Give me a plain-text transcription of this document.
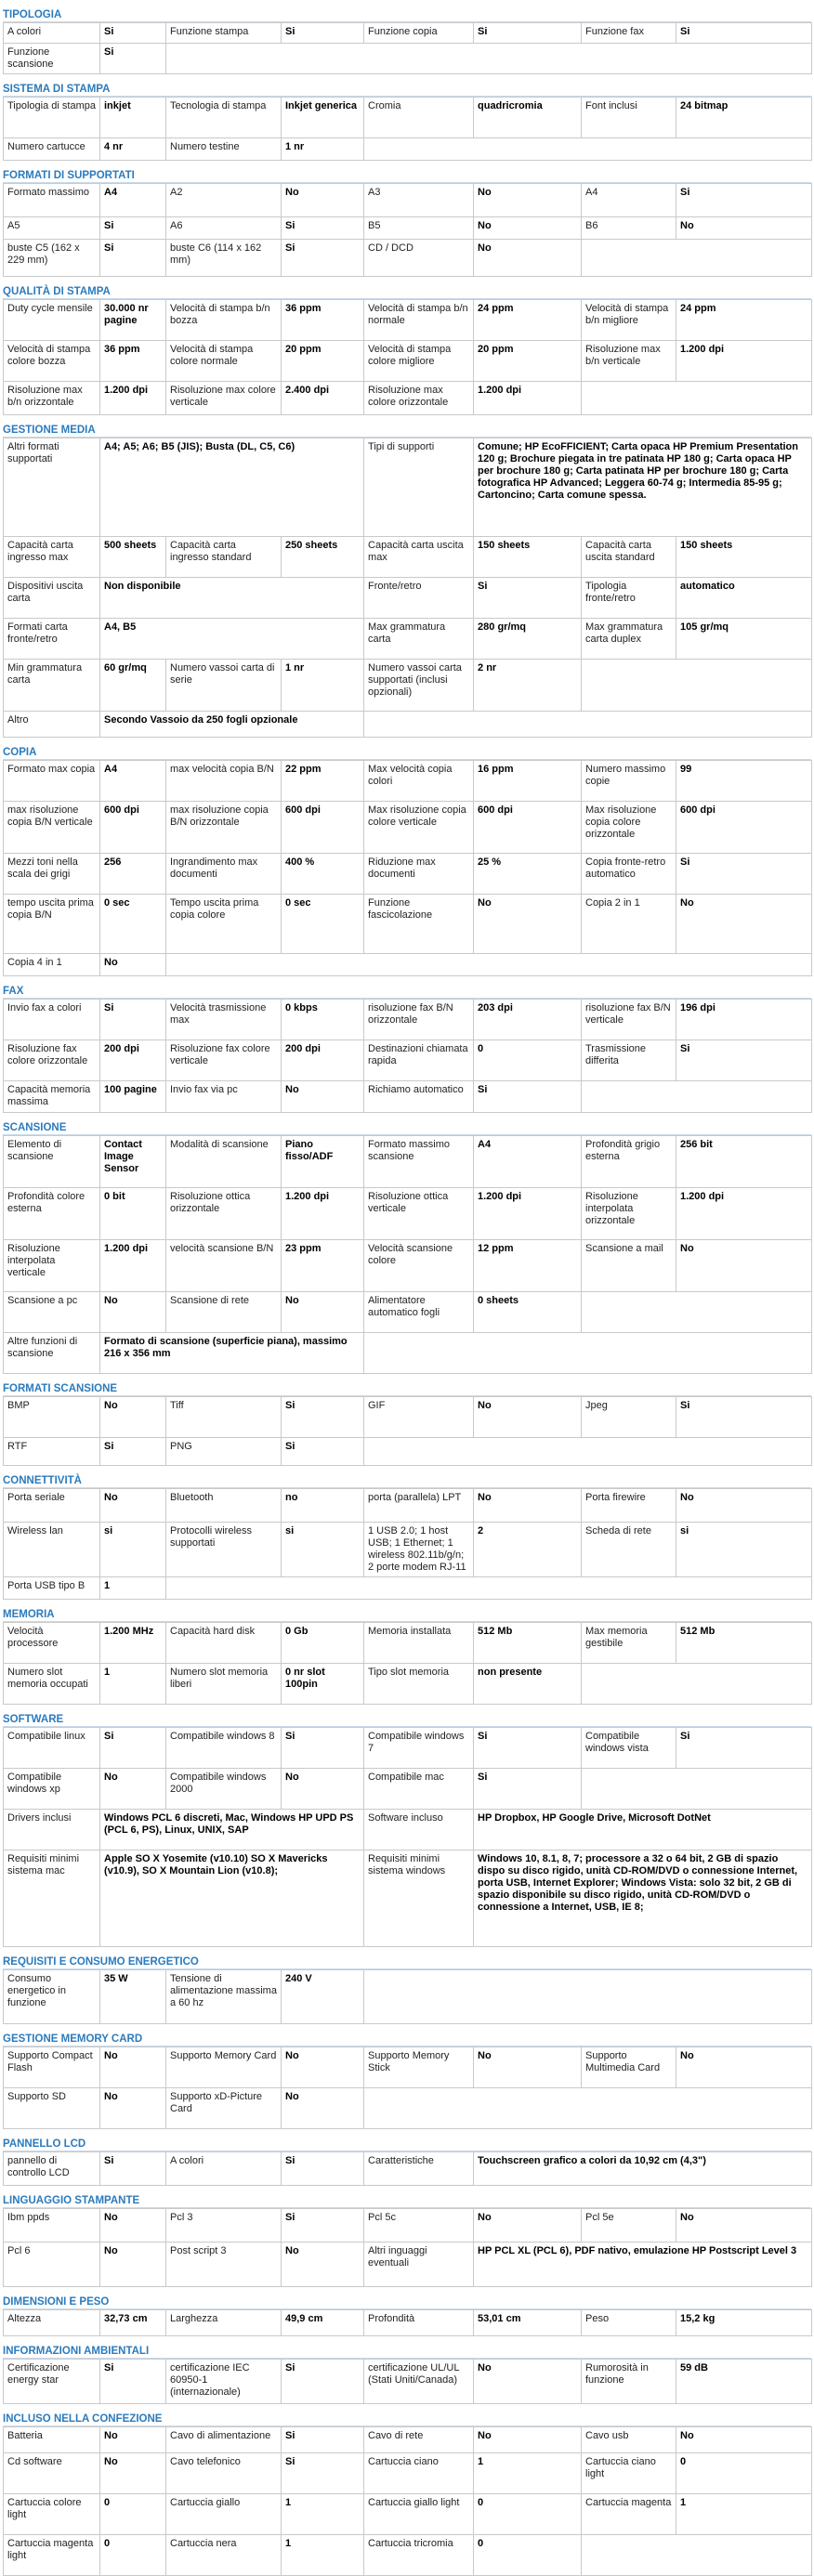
TIPOLOGIA
A colori	Si	Funzione stampa	Si	Funzione copia	Si	Funzione fax	Si
Funzione scansione	Si						
SISTEMA DI STAMPA
Tipologia di stampa	inkjet	Tecnologia di stampa	Inkjet generica	Cromia	quadricromia	Font inclusi	24 bitmap
Numero cartucce	4 nr	Numero testine	1 nr				
FORMATI DI SUPPORTATI
Formato massimo	A4	A2	No	A3	No	A4	Si
A5	Si	A6	Si	B5	No	B6	No
buste C5 (162 x 229 mm)	Si	buste C6 (114 x 162 mm)	Si	CD / DCD	No		
QUALITÀ DI STAMPA
Duty cycle mensile	30.000 nr pagine	Velocità di stampa b/n bozza	36 ppm	Velocità di stampa b/n normale	24 ppm	Velocità di stampa b/n migliore	24 ppm
Velocità di stampa colore bozza	36 ppm	Velocità di stampa colore normale	20 ppm	Velocità di stampa colore migliore	20 ppm	Risoluzione max b/n verticale	1.200 dpi
Risoluzione max b/n orizzontale	1.200 dpi	Risoluzione max colore verticale	2.400 dpi	Risoluzione max colore orizzontale	1.200 dpi		
GESTIONE MEDIA
Altri formati supportati	A4; A5; A6; B5 (JIS); Busta (DL, C5, C6)			Tipi di supporti	Comune; HP EcoFFICIENT; Carta opaca HP Premium Presentation 120 g; Brochure piegata in tre patinata HP 180 g; Carta opaca HP per brochure 180 g; Carta patinata HP per brochure 180 g; Carta fotografica HP Advanced; Leggera 60-74 g; Intermedia 85-95 g; Cartoncino; Carta comune spessa.		
Capacità carta ingresso max	500 sheets	Capacità carta ingresso standard	250 sheets	Capacità carta uscita max	150 sheets	Capacità carta uscita standard	150 sheets
Dispositivi uscita carta	Non disponibile			Fronte/retro	Si	Tipologia fronte/retro	automatico
Formati carta fronte/retro	A4, B5			Max grammatura carta	280 gr/mq	Max grammatura carta duplex	105 gr/mq
Min grammatura carta	60 gr/mq	Numero vassoi carta di serie	1 nr	Numero vassoi carta supportati (inclusi opzionali)	2 nr		
Altro	Secondo Vassoio da 250 fogli opzionale						
COPIA
Formato max copia	A4	max velocità copia B/N	22 ppm	Max velocità copia colori	16 ppm	Numero massimo copie	99
max risoluzione copia B/N verticale	600 dpi	max risoluzione copia B/N orizzontale	600 dpi	Max risoluzione copia colore verticale	600 dpi	Max risoluzione copia colore orizzontale	600 dpi
Mezzi toni nella scala dei grigi	256	Ingrandimento max documenti	400 %	Riduzione max documenti	25 %	Copia fronte-retro automatico	Si
tempo uscita prima copia B/N	0 sec	Tempo uscita prima copia colore	0 sec	Funzione fascicolazione	No	Copia 2 in 1	No
Copia 4 in 1	No						
FAX
Invio fax a colori	Si	Velocità trasmissione max	0 kbps	risoluzione fax B/N orizzontale	203 dpi	risoluzione fax B/N verticale	196 dpi
Risoluzione fax colore orizzontale	200 dpi	Risoluzione fax colore verticale	200 dpi	Destinazioni chiamata rapida	0	Trasmissione differita	Si
Capacità memoria massima	100 pagine	Invio fax via pc	No	Richiamo automatico	Si		
SCANSIONE
Elemento di scansione	Contact Image Sensor	Modalità di scansione	Piano fisso/ADF	Formato massimo scansione	A4	Profondità grigio esterna	256 bit
Profondità colore esterna	0 bit	Risoluzione ottica orizzontale	1.200 dpi	Risoluzione ottica verticale	1.200 dpi	Risoluzione interpolata orizzontale	1.200 dpi
Risoluzione interpolata verticale	1.200 dpi	velocità scansione B/N	23 ppm	Velocità scansione colore	12 ppm	Scansione a mail	No
Scansione a pc	No	Scansione di rete	No	Alimentatore automatico fogli	0 sheets		
Altre funzioni di scansione	Formato di scansione (superficie piana), massimo 216 x 356 mm						
FORMATI SCANSIONE
BMP	No	Tiff	Si	GIF	No	Jpeg	Si
RTF	Si	PNG	Si				
CONNETTIVITÀ
Porta seriale	No	Bluetooth	no	porta (parallela) LPT	No	Porta firewire	No
Wireless lan	si	Protocolli wireless supportati	si	1 USB 2.0; 1 host USB; 1 Ethernet; 1 wireless 802.11b/g/n; 2 porte modem RJ-11	2	Scheda di rete	si
Porta USB tipo B	1						
MEMORIA
Velocità processore	1.200 MHz	Capacità hard disk	0 Gb	Memoria installata	512 Mb	Max memoria gestibile	512 Mb
Numero slot memoria occupati	1	Numero slot memoria liberi	0 nr slot 100pin	Tipo slot memoria	non presente		
SOFTWARE
Compatibile linux	Si	Compatibile windows 8	Si	Compatibile windows 7	Si	Compatibile windows vista	Si
Compatibile windows xp	No	Compatibile windows 2000	No	Compatibile mac	Si		
Drivers inclusi	Windows PCL 6 discreti, Mac, Windows HP UPD PS (PCL 6, PS), Linux, UNIX, SAP			Software incluso	HP Dropbox, HP Google Drive, Microsoft DotNet		
Requisiti minimi sistema mac	Apple SO X Yosemite (v10.10) SO X Mavericks (v10.9), SO X Mountain Lion (v10.8);			Requisiti minimi sistema windows	Windows 10, 8.1, 8, 7; processore a 32 o 64 bit, 2 GB di spazio dispo su disco rigido, unità CD-ROM/DVD o connessione Internet, porta USB, Internet Explorer; Windows Vista: solo 32 bit, 2 GB di spazio disponibile su disco rigido, unità CD-ROM/DVD o connessione a Internet, USB, IE 8;		
REQUISITI E CONSUMO ENERGETICO
Consumo energetico in funzione	35 W	Tensione di alimentazione massima a 60 hz	240 V	
GESTIONE MEMORY CARD
Supporto Compact Flash	No	Supporto Memory Card	No	Supporto Memory Stick	No	Supporto Multimedia Card	No
Supporto SD	No	Supporto xD-Picture Card	No				
PANNELLO LCD
pannello di controllo LCD	Si	A colori	Si	Caratteristiche	Touchscreen grafico a colori da 10,92 cm (4,3")
LINGUAGGIO STAMPANTE
Ibm ppds	No	Pcl 3	Si	Pcl 5c	No	Pcl 5e	No
Pcl 6	No	Post script 3	No	Altri inguaggi eventuali	HP PCL XL (PCL 6), PDF nativo, emulazione HP Postscript Level 3		
DIMENSIONI E PESO
Altezza	32,73 cm	Larghezza	49,9 cm	Profondità	53,01 cm	Peso	15,2 kg
INFORMAZIONI AMBIENTALI
Certificazione energy star	Si	certificazione IEC 60950-1 (internazionale)	Si	certificazione UL/UL (Stati Uniti/Canada)	No	Rumorosità in funzione	59 dB
INCLUSO NELLA CONFEZIONE
Batteria	No	Cavo di alimentazione	Si	Cavo di rete	No	Cavo usb	No
Cd software	No	Cavo telefonico	Si	Cartuccia ciano	1	Cartuccia ciano light	0
Cartuccia colore light	0	Cartuccia giallo	1	Cartuccia giallo light	0	Cartuccia magenta	1
Cartuccia magenta light	0	Cartuccia nera	1	Cartuccia tricromia	0		
